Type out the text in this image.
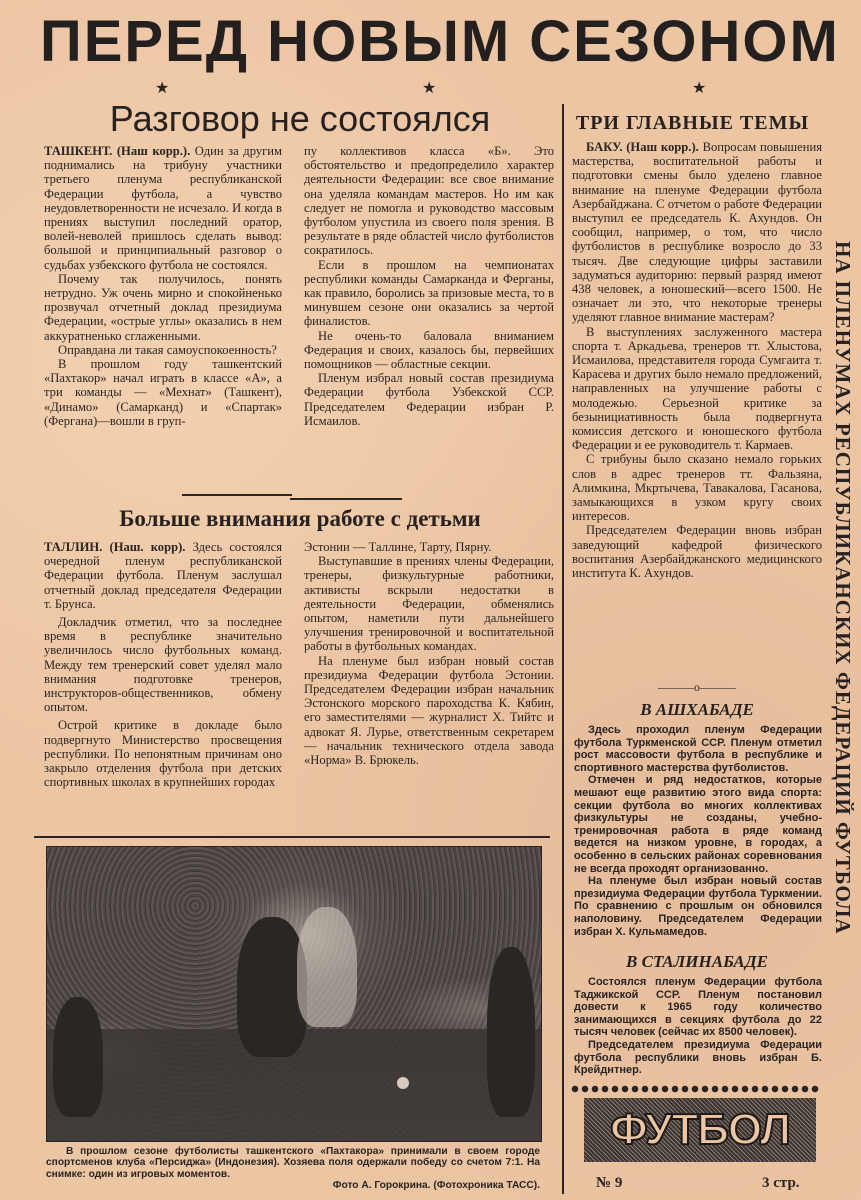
ПЕРЕД НОВЫМ СЕЗОНОМ
★	★	★
Разговор не состоялся

ТАШКЕНТ. (Наш корр.). Один за другим поднимались на трибуну участники третьего пленума республиканской Федерации футбола, а чувство неудовлетворенности не исчезало. И когда в прениях выступил последний оратор, волей-неволей пришлось сделать вывод: большой и принципиальный разговор о судьбах узбекского футбола не состоялся.

Почему так получилось, понять нетрудно. Уж очень мирно и спокойненько прозвучал отчетный доклад президиума Федерации, «острые углы» оказались в нем аккуратненько сглаженными.

Оправдана ли такая самоуспокоенность?

В прошлом году ташкентский «Пахтакор» начал играть в классе «А», а три команды — «Мехнат» (Ташкент), «Динамо» (Самарканд) и «Спартак» (Фергана)—вошли в груп-

пу коллективов класса «Б». Это обстоятельство и предопределило характер деятельности Федерации: все свое внимание она уделяла командам мастеров. Но им как следует не помогла и руководство массовым футболом упустила из своего поля зрения. В результате в ряде областей число футболистов сократилось.

Если в прошлом на чемпионатах республики команды Самарканда и Ферганы, как правило, боролись за призовые места, то в минувшем сезоне они оказались за чертой финалистов.

Не очень-то баловала вниманием Федерация и своих, казалось бы, первейших помощников — областные секции.

Пленум избрал новый состав президиума Федерации футбола Узбекской ССР. Председателем Федерации избран Р. Исмаилов.

Больше внимания работе с детьми

ТАЛЛИН. (Наш. корр). Здесь состоялся очередной пленум республиканской Федерации футбола. Пленум заслушал отчетный доклад председателя Федерации т. Брунса.

Докладчик отметил, что за последнее время в республике значительно увеличилось число футбольных команд. Между тем тренерский совет уделял мало внимания подготовке тренеров, инструкторов-общественников, обмену опытом.

Острой критике в докладе было подвергнуто Министерство просвещения республики. По непонятным причинам оно закрыло отделения футбола при детских спортивных школах в крупнейших городах

Эстонии — Таллине, Тарту, Пярну.

Выступавшие в прениях члены Федерации, тренеры, физкультурные работники, активисты вскрыли недостатки в деятельности Федерации, обменялись опытом, наметили пути дальнейшего улучшения тренировочной и воспитательной работы в футбольных командах.

На пленуме был избран новый состав президиума Федерации футбола Эстонии. Председателем Федерации избран начальник Эстонского морского пароходства К. Кябин, его заместителями — журналист Х. Тийтс и адвокат Я. Лурье, ответственным секретарем — начальник технического отдела завода «Норма» В. Брюкель.

В прошлом сезоне футболисты ташкентского «Пахтакора» принимали в своем городе спортсменов клуба «Персиджа» (Индонезия). Хозяева поля одержали победу со счетом 7:1. На снимке: один из игровых моментов.
Фото А. Горокрина. (Фотохроника ТАСС).
ТРИ ГЛАВНЫЕ ТЕМЫ

БАКУ. (Наш корр.). Вопросам повышения мастерства, воспитательной работы и подготовки смены было уделено главное внимание на пленуме Федерации футбола Азербайджана. С отчетом о работе Федерации выступил ее председатель К. Ахундов. Он сообщил, например, о том, что число футболистов в республике возросло до 33 тысяч. Две следующие цифры заставили задуматься аудиторию: первый разряд имеют 438 человек, а юношеский—всего 1500. Не означает ли это, что некоторые тренеры уделяют главное внимание мастерам?

В выступлениях заслуженного мастера спорта т. Аркадьева, тренеров тт. Хлыстова, Исмаилова, представителя города Сумгаита т. Карасева и других было немало предложений, направленных на улучшение работы с молодежью. Серьезной критике за безынициативность была подвергнута комиссия детского и юношеского футбола Федерации и ее руководитель т. Кармаев.

С трибуны было сказано немало горьких слов в адрес тренеров тт. Фальзяна, Алимкина, Мкртычева, Тавакалова, Гасанова, замыкающихся в узком кругу своих интересов.

Председателем Федерации вновь избран заведующий кафедрой физического воспитания Азербайджанского медицинского института К. Ахундов.

———o———
В АШХАБАДЕ

Здесь проходил пленум Федерации футбола Туркменской ССР. Пленум отметил рост массовости футбола в республике и спортивного мастерства футболистов.

Отмечен и ряд недостатков, которые мешают еще развитию этого вида спорта: секции футбола во многих коллективах физкультуры не созданы, учебно-тренировочная работа в ряде команд ведется на низком уровне, в городах, а особенно в сельских районах соревнования не всегда проходят организованно.

На пленуме был избран новый состав президиума Федерации футбола Туркмении. По сравнению с прошлым он обновился наполовину. Председателем Федерации избран Х. Кульмамедов.

В СТАЛИНАБАДЕ

Состоялся пленум Федерации футбола Таджикской ССР. Пленум постановил довести к 1965 году количество занимающихся в секциях футбола до 22 тысяч человек (сейчас их 8500 человек).

Председателем президиума Федерации футбола республики вновь избран Б. Крейднтнер.

ФУТБОЛ
№ 9	3 стр.
НА ПЛЕНУМАХ РЕСПУБЛИКАНСКИХ ФЕДЕРАЦИЙ ФУТБОЛА
